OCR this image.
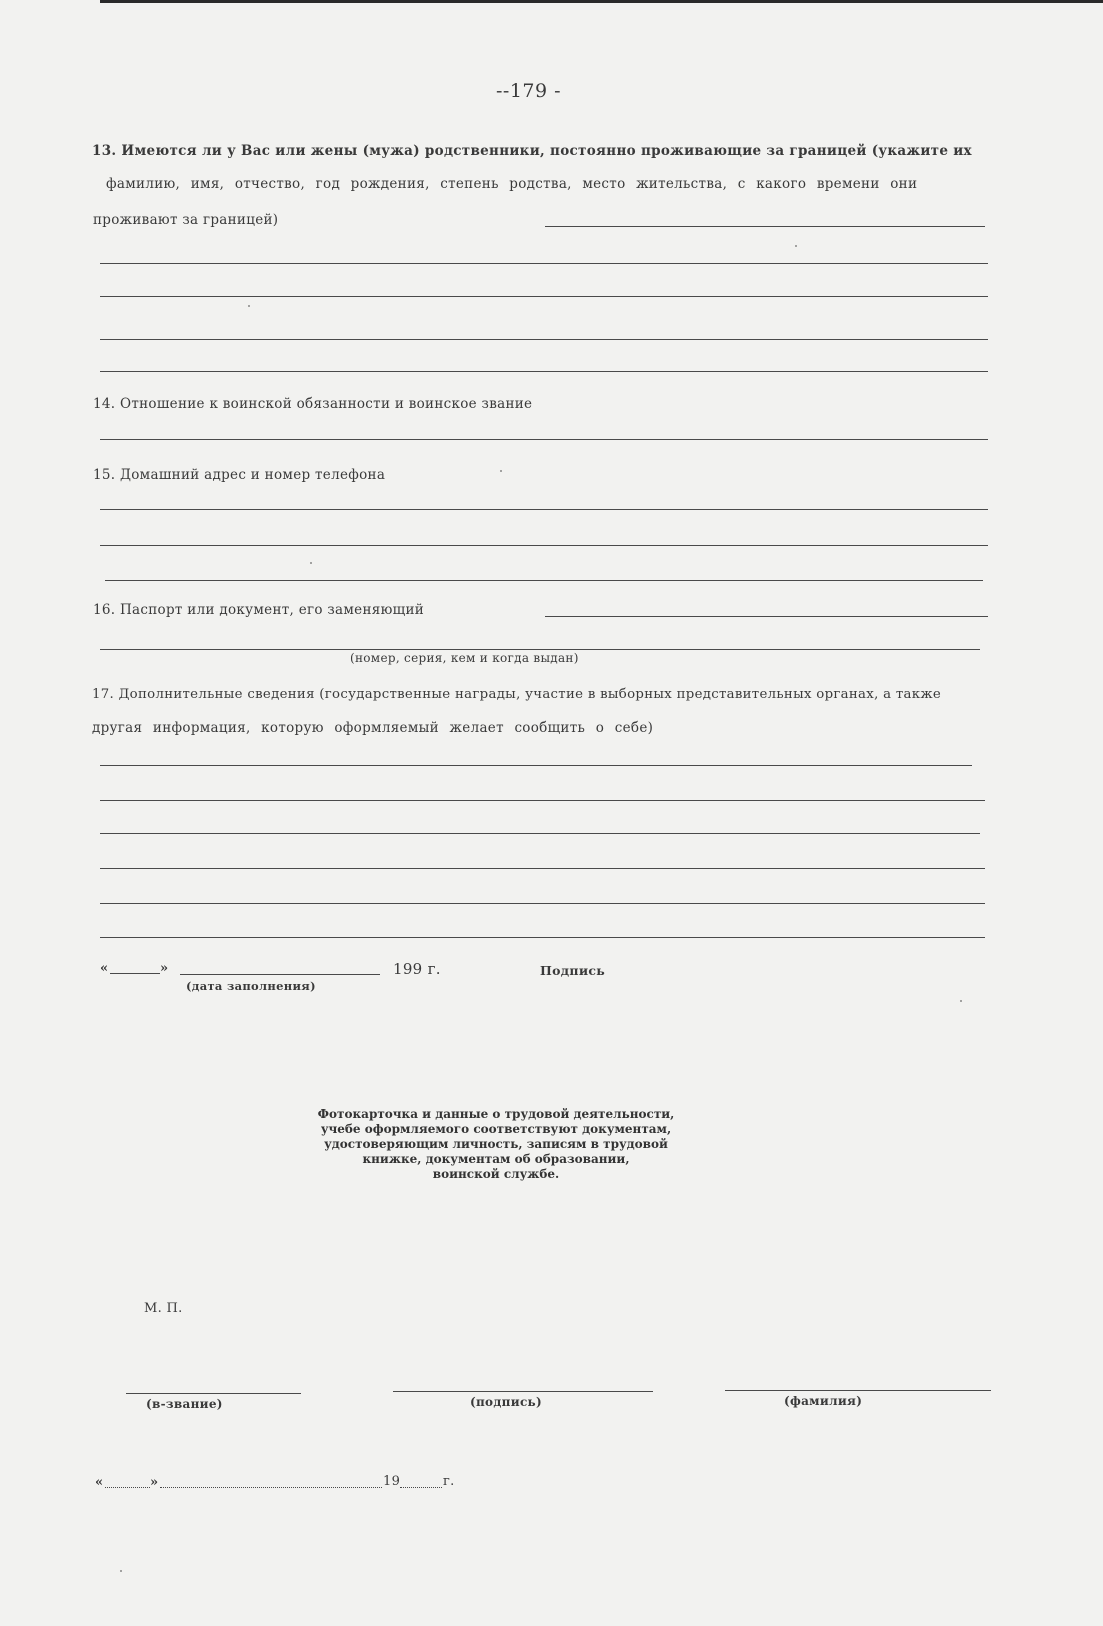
--179 -
13. Имеются ли у Вас или жены (мужа) родственники, постоянно проживающие за границей (укажите их
фамилию, имя, отчество, год рождения, степень родства, место жительства, с какого времени они
проживают за границей)
14. Отношение к воинской обязанности и воинское звание
15. Домашний адрес и номер телефона
16. Паспорт или документ, его заменяющий
(номер, серия, кем и когда выдан)
17. Дополнительные сведения (государственные награды, участие в выборных представительных органах, а также
другая информация, которую оформляемый желает сообщить о себе)
«	»	199 г.	Подпись
(дата заполнения)
Фотокарточка и данные о трудовой деятельности,
учебе оформляемого соответствуют документам,
удостоверяющим личность, записям в трудовой
книжке, документам об образовании,
воинской службе.
М. П.
(в-звание)	(подпись)	(фамилия)
«	»	19	г.
